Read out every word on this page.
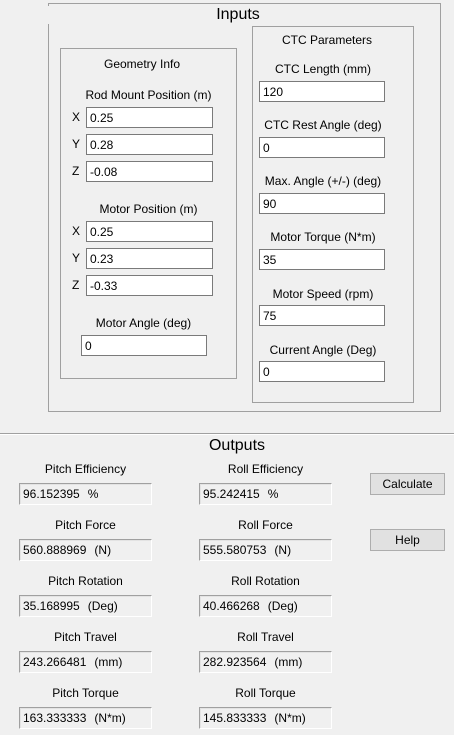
Inputs
Geometry Info
Rod Mount Position (m)
X
0.25
Y
0.28
Z
-0.08
Motor Position (m)
X
0.25
Y
0.23
Z
-0.33
Motor Angle (deg)
0
CTC Parameters
CTC Length (mm)
120
CTC Rest Angle (deg)
0
Max. Angle (+/-) (deg)
90
Motor Torque (N*m)
35
Motor Speed (rpm)
75
Current Angle (Deg)
0
Outputs
Pitch Efficiency
96.152395 %
Roll Efficiency
95.242415 %
Calculate
Pitch Force
560.888969 (N)
Roll Force
555.580753 (N)
Help
Pitch Rotation
35.168995 (Deg)
Roll Rotation
40.466268 (Deg)
Pitch Travel
243.266481 (mm)
Roll Travel
282.923564 (mm)
Pitch Torque
163.333333 (N*m)
Roll Torque
145.833333 (N*m)
